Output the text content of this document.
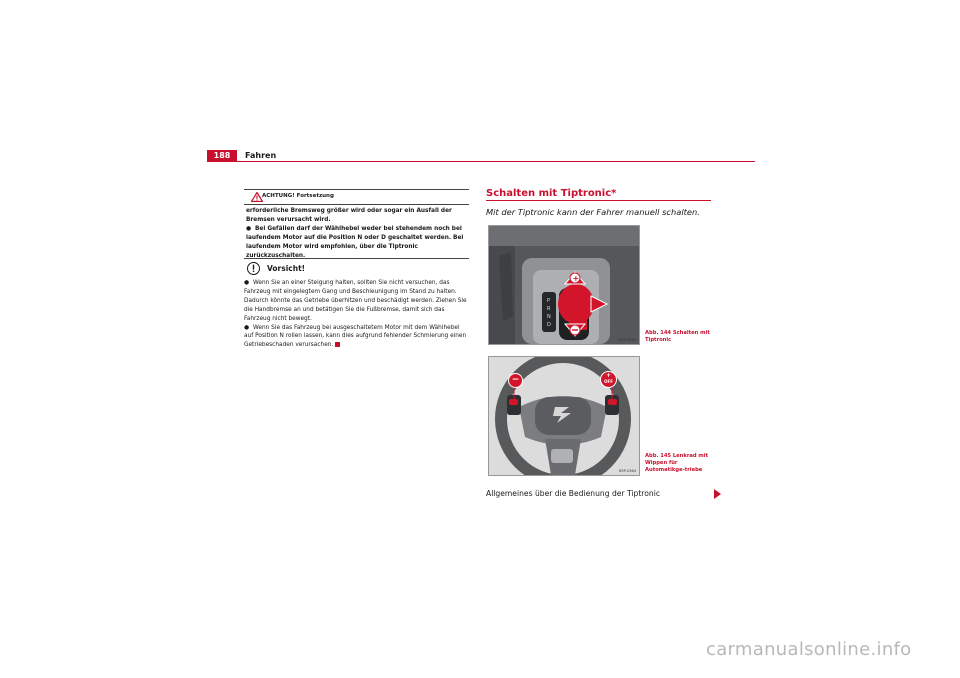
188	Fahren
ACHTUNG! Fortsetzung

erforderliche Bremsweg größer wird oder sogar ein Ausfall der Bremsen verursacht wird.

● Bei Gefällen darf der Wählhebel weder bei stehendem noch bei laufendem Motor auf die Position N oder D geschaltet werden. Bei laufendem Motor wird empfohlen, über die Tiptronic zurückzuschalten.

Vorsicht!

● Wenn Sie an einer Steigung halten, sollten Sie nicht versuchen, das Fahrzeug mit eingelegtem Gang und Beschleunigung im Stand zu halten. Dadurch könnte das Getriebe überhitzen und beschädigt werden. Ziehen Sie die Handbremse an und betätigen Sie die Fußbremse, damit sich das Fahrzeug nicht bewegt.

● Wenn Sie das Fahrzeug bei ausgeschaltetem Motor mit dem Wählhebel auf Position N rollen lassen, kann dies aufgrund fehlender Schmierung einen Getriebeschaden verursachen.

Schalten mit Tiptronic*
Mit der Tiptronic kann der Fahrer manuell schalten.
P
R
N
D
+
B5P-0463
Abb. 144 Schalten mit Tiptronic
−	+
OFF
B5P-0364
Abb. 145 Lenkrad mit Wippen für Automatikge-triebe
Allgemeines über die Bedienung der Tiptronic
carmanualsonline.info
